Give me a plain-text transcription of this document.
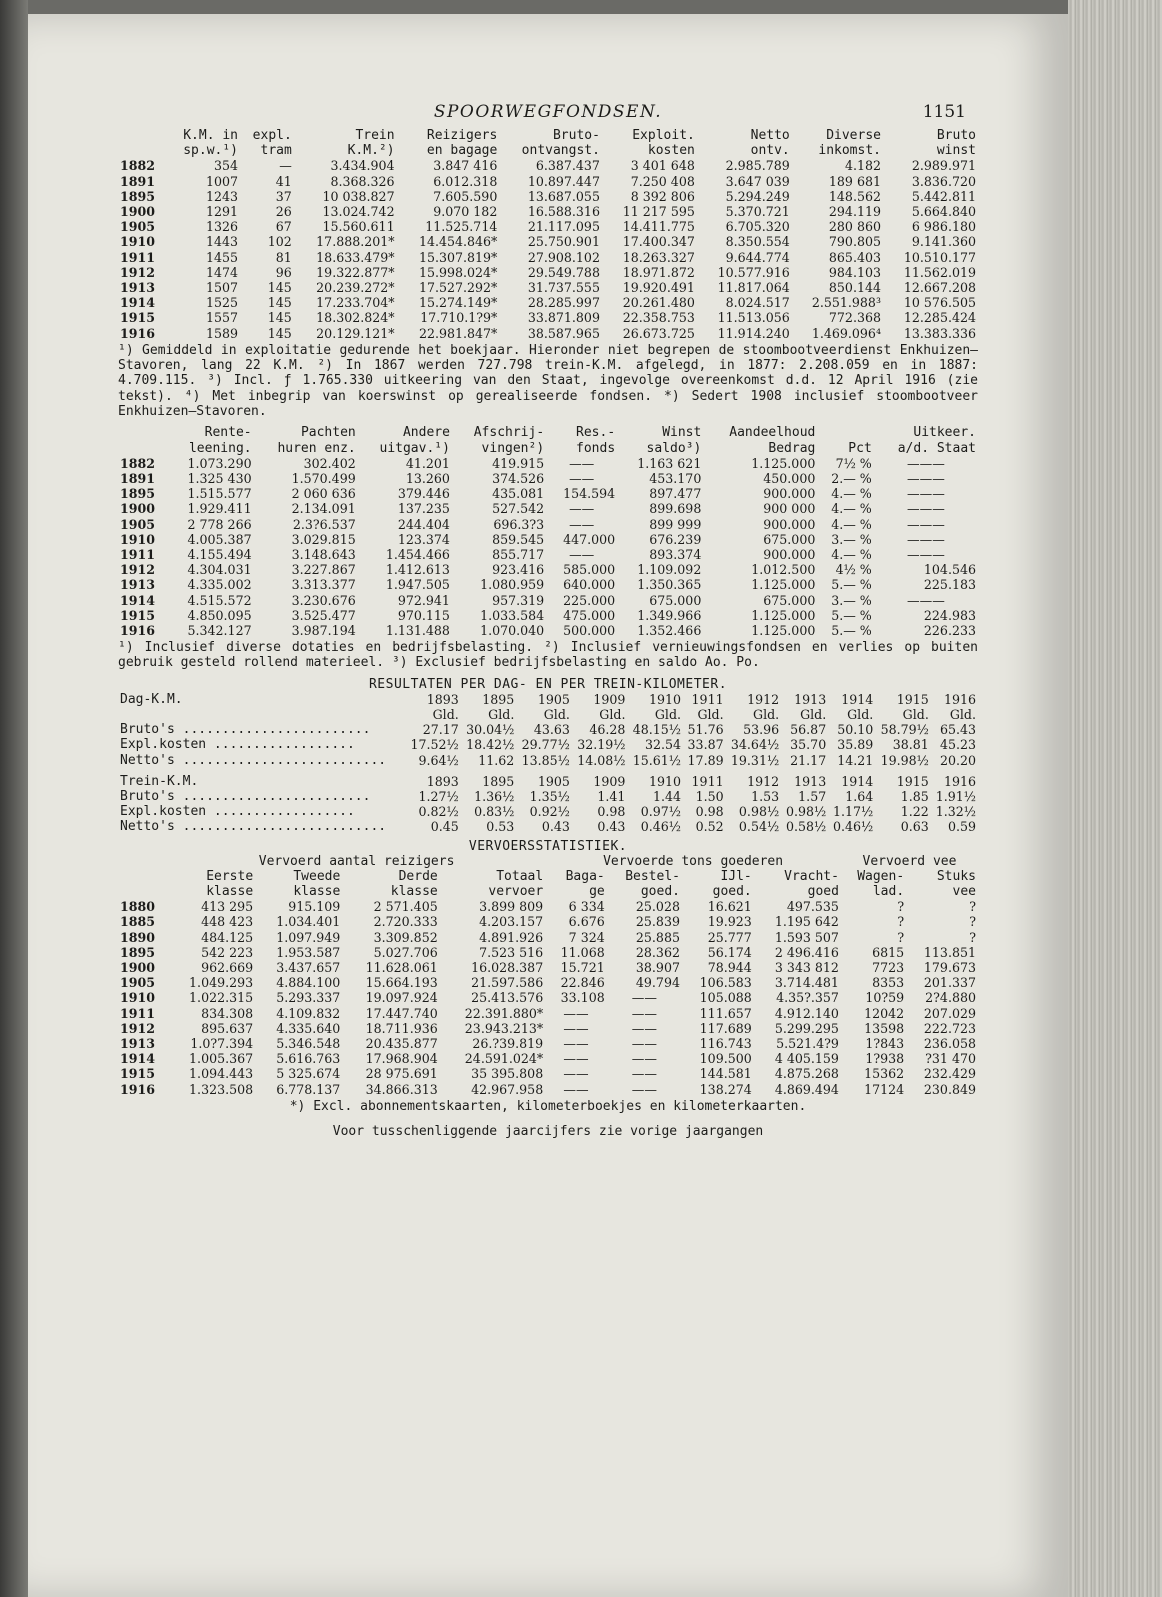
SPOORWEGFONDSEN.	1151
	K.M. in	expl.	Trein	Reizigers	Bruto-	Exploit.	Netto	Diverse	Bruto
	sp.w.¹)	tram	K.M.²)	en bagage	ontvangst.	kosten	ontv.	inkomst.	winst
1882	354	—	3.434.904	3.847 416	6.387.437	3 401 648	2.985.789	4.182	2.989.971
1891	1007	41	8.368.326	6.012.318	10.897.447	7.250 408	3.647 039	189 681	3.836.720
1895	1243	37	10 038.827	7.605.590	13.687.055	8 392 806	5.294.249	148.562	5.442.811
1900	1291	26	13.024.742	9.070 182	16.588.316	11 217 595	5.370.721	294.119	5.664.840
1905	1326	67	15.560.611	11.525.714	21.117.095	14.411.775	6.705.320	280 860	6 986.180
1910	1443	102	17.888.201*	14.454.846*	25.750.901	17.400.347	8.350.554	790.805	9.141.360
1911	1455	81	18.633.479*	15.307.819*	27.908.102	18.263.327	9.644.774	865.403	10.510.177
1912	1474	96	19.322.877*	15.998.024*	29.549.788	18.971.872	10.577.916	984.103	11.562.019
1913	1507	145	20.239.272*	17.527.292*	31.737.555	19.920.491	11.817.064	850.144	12.667.208
1914	1525	145	17.233.704*	15.274.149*	28.285.997	20.261.480	8.024.517	2.551.988³	10 576.505
1915	1557	145	18.302.824*	17.710.1?9*	33.871.809	22.358.753	11.513.056	772.368	12.285.424
1916	1589	145	20.129.121*	22.981.847*	38.587.965	26.673.725	11.914.240	1.469.096⁴	13.383.336

¹) Gemiddeld in exploitatie gedurende het boekjaar. Hieronder niet begrepen de stoombootveerdienst Enkhuizen—Stavoren, lang 22 K.M. ²) In 1867 werden 727.798 trein-K.M. afgelegd, in 1877: 2.208.059 en in 1887: 4.709.115. ³) Incl. ƒ 1.765.330 uitkeering van den Staat, ingevolge overeenkomst d.d. 12 April 1916 (zie tekst). ⁴) Met inbegrip van koerswinst op gerealiseerde fondsen. *) Sedert 1908 inclusief stoombootveer Enkhuizen—Stavoren.

	Rente-	Pachten	Andere	Afschrij-	Res.-	Winst	Aandeelhoud		Uitkeer.
	leening.	huren enz.	uitgav.¹)	vingen²)	fonds	saldo³)	Bedrag	Pct	a/d. Staat
1882	1.073.290	302.402	41.201	419.915	——	1.163 621	1.125.000	7½ %	———
1891	1.325 430	1.570.499	13.260	374.526	——	453.170	450.000	2.— %	———
1895	1.515.577	2 060 636	379.446	435.081	154.594	897.477	900.000	4.— %	———
1900	1.929.411	2.134.091	137.235	527.542	——	899.698	900 000	4.— %	———
1905	2 778 266	2.3?6.537	244.404	696.3?3	——	899 999	900.000	4.— %	———
1910	4.005.387	3.029.815	123.374	859.545	447.000	676.239	675.000	3.— %	———
1911	4.155.494	3.148.643	1.454.466	855.717	——	893.374	900.000	4.— %	———
1912	4.304.031	3.227.867	1.412.613	923.416	585.000	1.109.092	1.012.500	4½ %	104.546
1913	4.335.002	3.313.377	1.947.505	1.080.959	640.000	1.350.365	1.125.000	5.— %	225.183
1914	4.515.572	3.230.676	972.941	957.319	225.000	675.000	675.000	3.— %	———
1915	4.850.095	3.525.477	970.115	1.033.584	475.000	1.349.966	1.125.000	5.— %	224.983
1916	5.342.127	3.987.194	1.131.488	1.070.040	500.000	1.352.466	1.125.000	5.— %	226.233

¹) Inclusief diverse dotaties en bedrijfsbelasting. ²) Inclusief vernieuwingsfondsen en verlies op buiten gebruik gesteld rollend materieel. ³) Exclusief bedrijfsbelasting en saldo Ao. Po.

RESULTATEN PER DAG- EN PER TREIN-KILOMETER.
Dag-K.M.	1893	1895	1905	1909	1910	1911	1912	1913	1914	1915	1916
	Gld.	Gld.	Gld.	Gld.	Gld.	Gld.	Gld.	Gld.	Gld.	Gld.	Gld.
Bruto's ........................	27.17	30.04½	43.63	46.28	48.15½	51.76	53.96	56.87	50.10	58.79½	65.43
Expl.kosten ..................	17.52½	18.42½	29.77½	32.19½	32.54	33.87	34.64½	35.70	35.89	38.81	45.23
Netto's ..........................	9.64½	11.62	13.85½	14.08½	15.61½	17.89	19.31½	21.17	14.21	19.98½	20.20

Trein-K.M.	1893	1895	1905	1909	1910	1911	1912	1913	1914	1915	1916
Bruto's ........................	1.27½	1.36½	1.35½	1.41	1.44	1.50	1.53	1.57	1.64	1.85	1.91½
Expl.kosten ..................	0.82½	0.83½	0.92½	0.98	0.97½	0.98	0.98½	0.98½	1.17½	1.22	1.32½
Netto's ..........................	0.45	0.53	0.43	0.43	0.46½	0.52	0.54½	0.58½	0.46½	0.63	0.59
VERVOERSSTATISTIEK.
	Vervoerd aantal reizigers				Vervoerde tons goederen				Vervoerd vee	
	Eerste	Tweede	Derde	Totaal	Baga-	Bestel-	IJl-	Vracht-	Wagen-	Stuks
	klasse	klasse	klasse	vervoer	ge	goed.	goed.	goed	lad.	vee
1880	413 295	915.109	2 571.405	3.899 809	6 334	25.028	16.621	497.535	?	?
1885	448 423	1.034.401	2.720.333	4.203.157	6.676	25.839	19.923	1.195 642	?	?
1890	484.125	1.097.949	3.309.852	4.891.926	7 324	25.885	25.777	1.593 507	?	?
1895	542 223	1.953.587	5.027.706	7.523 516	11.068	28.362	56.174	2 496.416	6815	113.851
1900	962.669	3.437.657	11.628.061	16.028.387	15.721	38.907	78.944	3 343 812	7723	179.673
1905	1.049.293	4.884.100	15.664.193	21.597.586	22.846	49.794	106.583	3.714.481	8353	201.337
1910	1.022.315	5.293.337	19.097.924	25.413.576	33.108	——	105.088	4.35?.357	10?59	2?4.880
1911	834.308	4.109.832	17.447.740	22.391.880*	——	——	111.657	4.912.140	12042	207.029
1912	895.637	4.335.640	18.711.936	23.943.213*	——	——	117.689	5.299.295	13598	222.723
1913	1.0?7.394	5.346.548	20.435.877	26.?39.819	——	——	116.743	5.521.4?9	1?843	236.058
1914	1.005.367	5.616.763	17.968.904	24.591.024*	——	——	109.500	4 405.159	1?938	?31 470
1915	1.094.443	5 325.674	28 975.691	35 395.808	——	——	144.581	4.875.268	15362	232.429
1916	1.323.508	6.778.137	34.866.313	42.967.958	——	——	138.274	4.869.494	17124	230.849

*) Excl. abonnementskaarten, kilometerboekjes en kilometerkaarten.

Voor tusschenliggende jaarcijfers zie vorige jaargangen
